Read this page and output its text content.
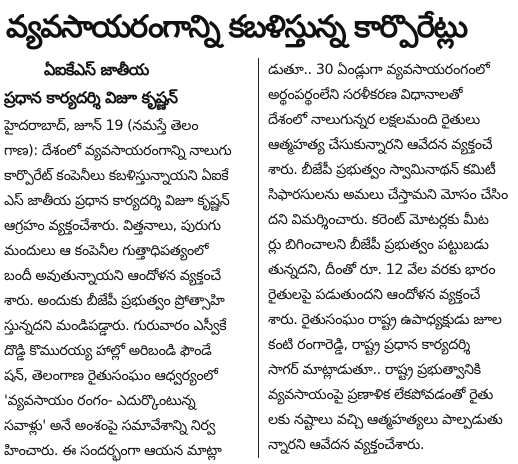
వ్యవసాయరంగాన్ని కబళిస్తున్న కార్పొరేట్లు
ఏఐకేఎస్ జాతీయ
ప్రధాన కార్యదర్శి విజూ కృష్ణన్
హైదరాబాద్, జూన్ 19 (నమస్తే తెలం
గాణ): దేశంలో వ్యవసాయరంగాన్ని నాలుగు
కార్పొరేట్ కంపెనీలు కబళిస్తున్నాయని ఏఐకే
ఎస్ జాతీయ ప్రధాన కార్యదర్శి విజూ కృష్ణన్
ఆగ్రహం వ్యక్తంచేశారు. విత్తనాలు, పురుగు
మందులు ఆ కంపెనీల గుత్తాధిపత్యంలో
బందీ అవుతున్నాయని ఆందోళన వ్యక్తంచే
శారు. అందుకు బీజేపీ ప్రభుత్వం ప్రోత్సాహి
స్తున్నదని మండిపడ్డారు. గురువారం ఎస్వీకే
దొడ్డి కొమురయ్య హాల్లో అరిబండి ఫౌండే
షన్, తెలంగాణ రైతుసంఘం ఆధ్వర్యంలో
'వ్యవసాయం రంగం- ఎదుర్కొంటున్న
సవాళ్లు' అనే అంశంపై సమావేశాన్ని నిర్వ
హించారు. ఈ సందర్భంగా ఆయన మాట్లా
డుతూ.. 30 ఏండ్లుగా వ్యవసాయరంగంలో
అర్థంపర్థంలేని సరళీకరణ విధానాలతో
దేశంలో నాలుగున్నర లక్షలమంది రైతులు
ఆత్మహత్య చేసుకున్నారని ఆవేదన వ్యక్తంచే
శారు. బీజేపీ ప్రభుత్వం స్వామినాథన్ కమిటీ
సిఫారసులను అమలు చేస్తామని మోసం చేసిం
దని విమర్శించారు. కరెంట్ మోటర్లకు మీట
ర్లు బిగించాలని బీజేపీ ప్రభుత్వం పట్టుబడు
తున్నదని, దీంతో రూ. 12 వేల వరకు భారం
రైతులపై పడుతుందని ఆందోళన వ్యక్తంచే
శారు. రైతుసంఘం రాష్ట్ర ఉపాధ్యక్షుడు జూల
కంటి రంగారెడ్డి, రాష్ట్ర ప్రధాన కార్యదర్శి
సాగర్ మాట్లాడుతూ.. రాష్ట్ర ప్రభుత్వానికి
వ్యవసాయంపై ప్రణాళిక లేకపోవడంతో రైతు
లకు నష్టాలు వచ్చి ఆత్మహత్యలు పాల్పడుతు
న్నారని ఆవేదన వ్యక్తంచేశారు.
